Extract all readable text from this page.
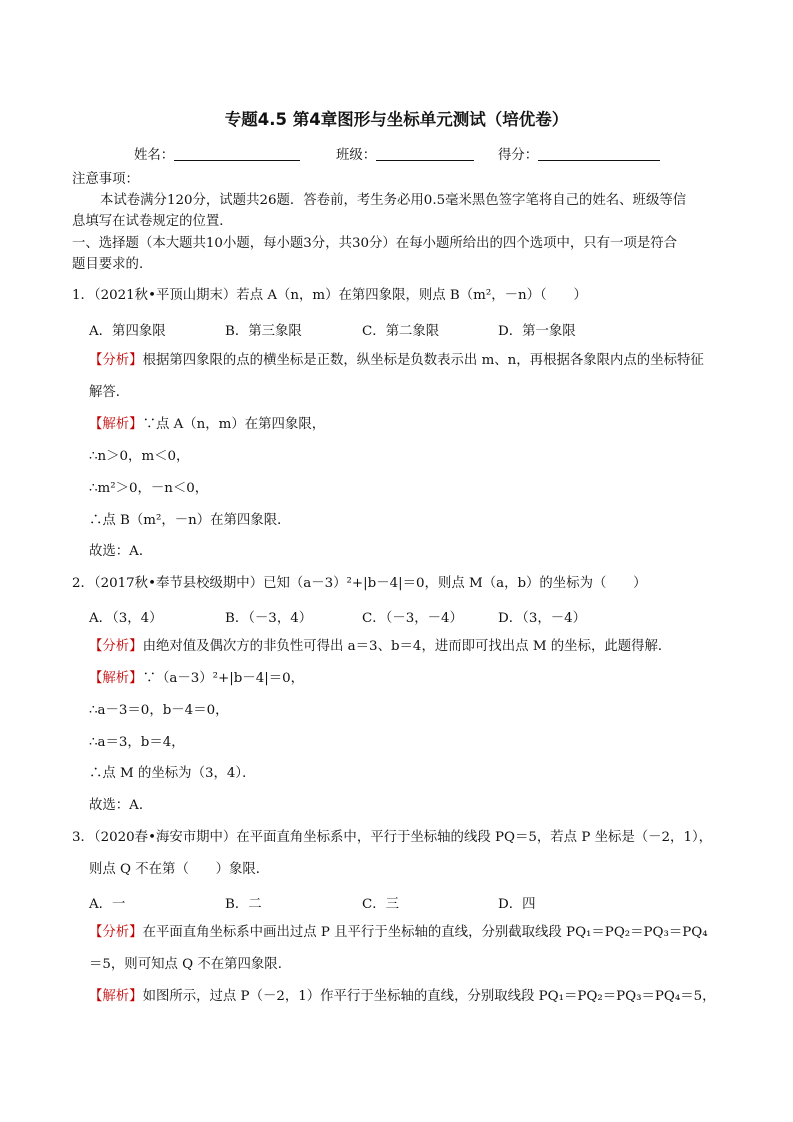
专题4.5 第4章图形与坐标单元测试（培优卷）
姓名：	班级：	得分：
注意事项：
本试卷满分120分，试题共26题．答卷前，考生务必用0.5毫米黑色签字笔将自己的姓名、班级等信
息填写在试卷规定的位置．
一、选择题（本大题共10小题，每小题3分，共30分）在每小题所给出的四个选项中，只有一项是符合
题目要求的．
1．（2021秋•平顶山期末）若点 A（n，m）在第四象限，则点 B（m²，－n）（　　）
A．第四象限	B．第三象限	C．第二象限	D．第一象限
【分析】根据第四象限的点的横坐标是正数，纵坐标是负数表示出 m、n，再根据各象限内点的坐标特征
解答．
【解析】∵点 A（n，m）在第四象限，
∴n＞0，m＜0，
∴m²＞0，－n＜0，
∴点 B（m²，－n）在第四象限．
故选：A．
2．（2017秋•奉节县校级期中）已知（a－3）²+|b－4|＝0，则点 M（a，b）的坐标为（　　）
A．（3，4）	B．（－3，4）	C．（－3，－4）	D．（3，－4）
【分析】由绝对值及偶次方的非负性可得出 a＝3、b＝4，进而即可找出点 M 的坐标，此题得解．
【解析】∵（a－3）²+|b－4|＝0，
∴a－3＝0，b－4＝0，
∴a＝3，b＝4，
∴点 M 的坐标为（3，4）．
故选：A．
3．（2020春•海安市期中）在平面直角坐标系中，平行于坐标轴的线段 PQ＝5，若点 P 坐标是（－2，1），
则点 Q 不在第（　　）象限．
A．一	B．二	C．三	D．四
【分析】在平面直角坐标系中画出过点 P 且平行于坐标轴的直线，分别截取线段 PQ₁＝PQ₂＝PQ₃＝PQ₄
＝5，则可知点 Q 不在第四象限．
【解析】如图所示，过点 P（－2，1）作平行于坐标轴的直线，分别取线段 PQ₁＝PQ₂＝PQ₃＝PQ₄＝5，
